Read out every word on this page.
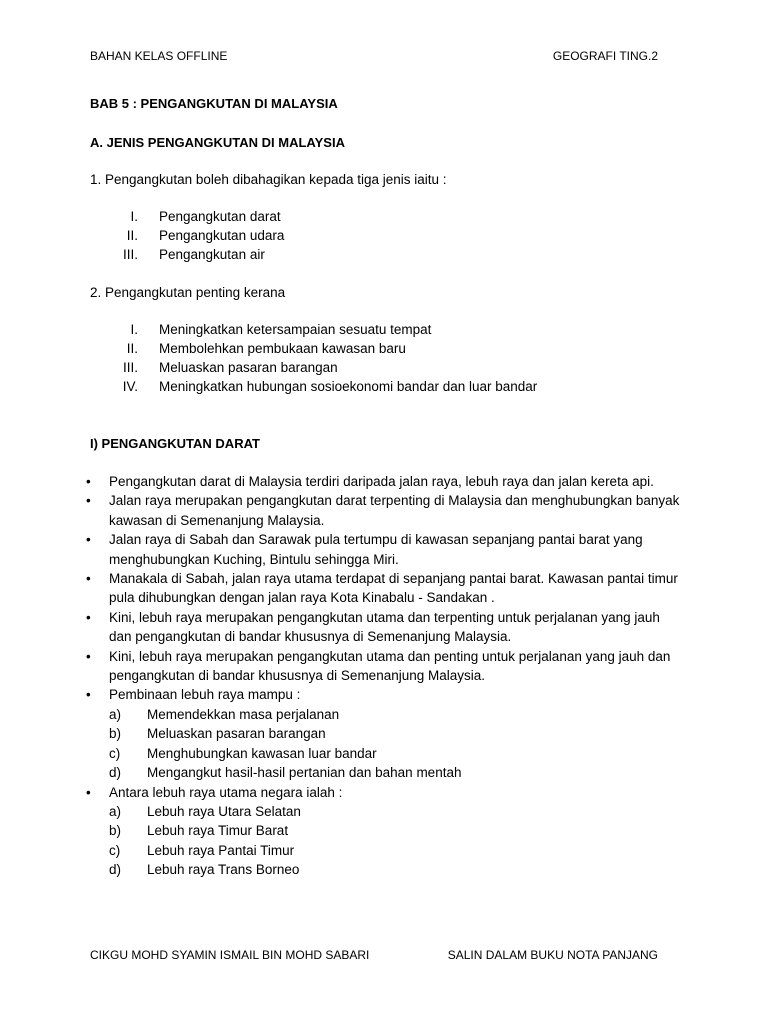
BAHAN KELAS OFFLINE	GEOGRAFI TING.2
BAB 5 : PENGANGKUTAN DI MALAYSIA
A. JENIS PENGANGKUTAN DI MALAYSIA
1. Pengangkutan boleh dibahagikan kepada tiga jenis iaitu :
I. Pengangkutan darat
II. Pengangkutan udara
III. Pengangkutan air
2. Pengangkutan penting kerana
I. Meningkatkan ketersampaian sesuatu tempat
II. Membolehkan pembukaan kawasan baru
III. Meluaskan pasaran barangan
IV. Meningkatkan hubungan sosioekonomi bandar dan luar bandar
I) PENGANGKUTAN DARAT
• Pengangkutan darat di Malaysia terdiri daripada jalan raya, lebuh raya dan jalan kereta api.
• Jalan raya merupakan pengangkutan darat terpenting di Malaysia dan menghubungkan banyak kawasan di Semenanjung Malaysia.
• Jalan raya di Sabah dan Sarawak pula tertumpu di kawasan sepanjang pantai barat yang menghubungkan Kuching, Bintulu sehingga Miri.
• Manakala di Sabah, jalan raya utama terdapat di sepanjang pantai barat. Kawasan pantai timur pula dihubungkan dengan jalan raya Kota Kinabalu - Sandakan .
• Kini, lebuh raya merupakan pengangkutan utama dan terpenting untuk perjalanan yang jauh dan pengangkutan di bandar khususnya di Semenanjung Malaysia.
• Kini, lebuh raya merupakan pengangkutan utama dan penting untuk perjalanan yang jauh dan pengangkutan di bandar khususnya di Semenanjung Malaysia.
• Pembinaan lebuh raya mampu :
a)	Memendekkan masa perjalanan
b)	Meluaskan pasaran barangan
c)	Menghubungkan kawasan luar bandar
d)	Mengangkut hasil-hasil pertanian dan bahan mentah
• Antara lebuh raya utama negara ialah :
a)	Lebuh raya Utara Selatan
b)	Lebuh raya Timur Barat
c)	Lebuh raya Pantai Timur
d)	Lebuh raya Trans Borneo
CIKGU MOHD SYAMIN ISMAIL BIN MOHD SABARI	SALIN DALAM BUKU NOTA PANJANG
